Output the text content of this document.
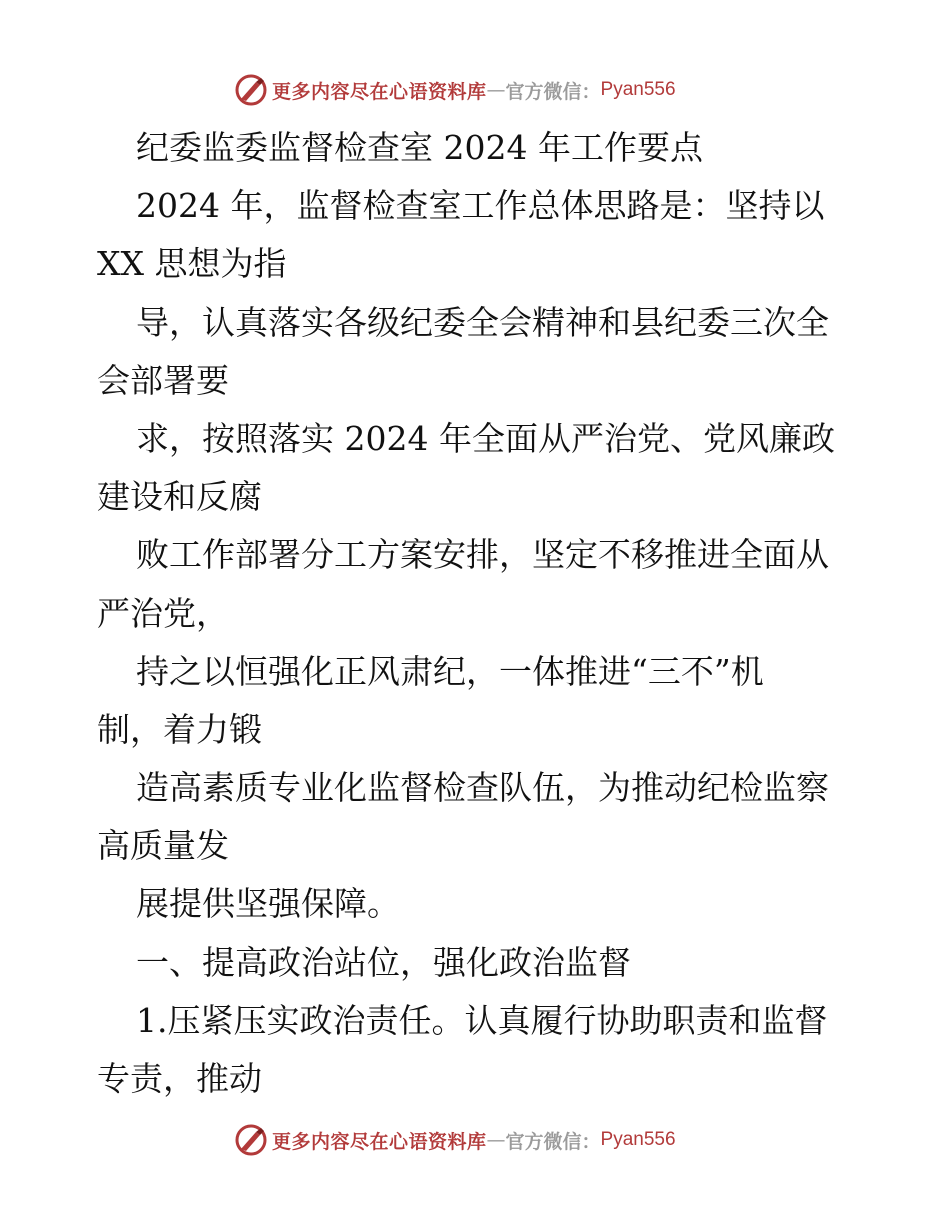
更多内容尽在心语资料库 — 官方微信： Pyan556
纪委监委监督检查室 2024 年工作要点
2024 年，监督检查室工作总体思路是：坚持以
XX 思想为指
导，认真落实各级纪委全会精神和县纪委三次全
会部署要
求，按照落实 2024 年全面从严治党、党风廉政
建设和反腐
败工作部署分工方案安排，坚定不移推进全面从
严治党，
持之以恒强化正风肃纪，一体推进“三不”机
制，着力锻
造高素质专业化监督检查队伍，为推动纪检监察
高质量发
展提供坚强保障。
一、提高政治站位，强化政治监督
1.压紧压实政治责任。认真履行协助职责和监督
专责，推动
更多内容尽在心语资料库 — 官方微信： Pyan556
